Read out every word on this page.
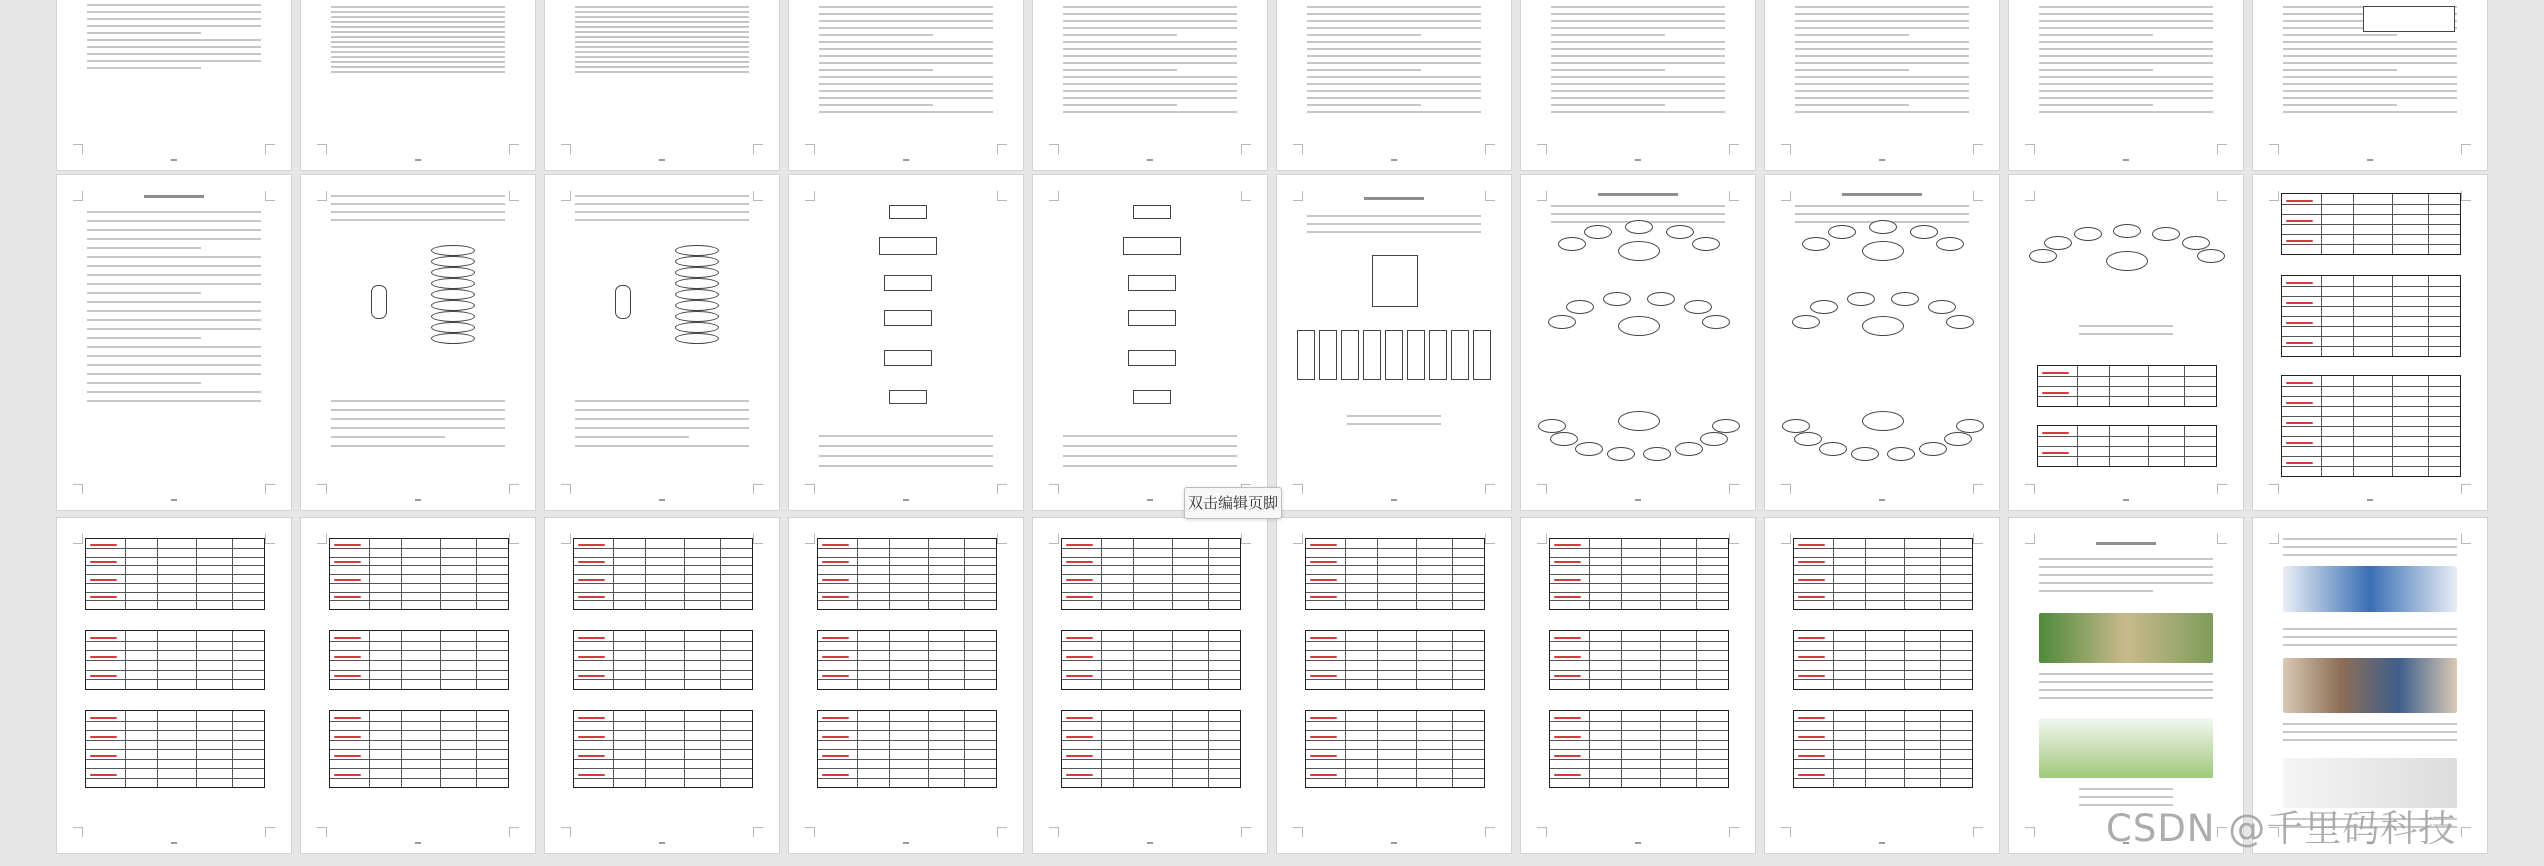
双击编辑页脚
CSDN @千里码科技
